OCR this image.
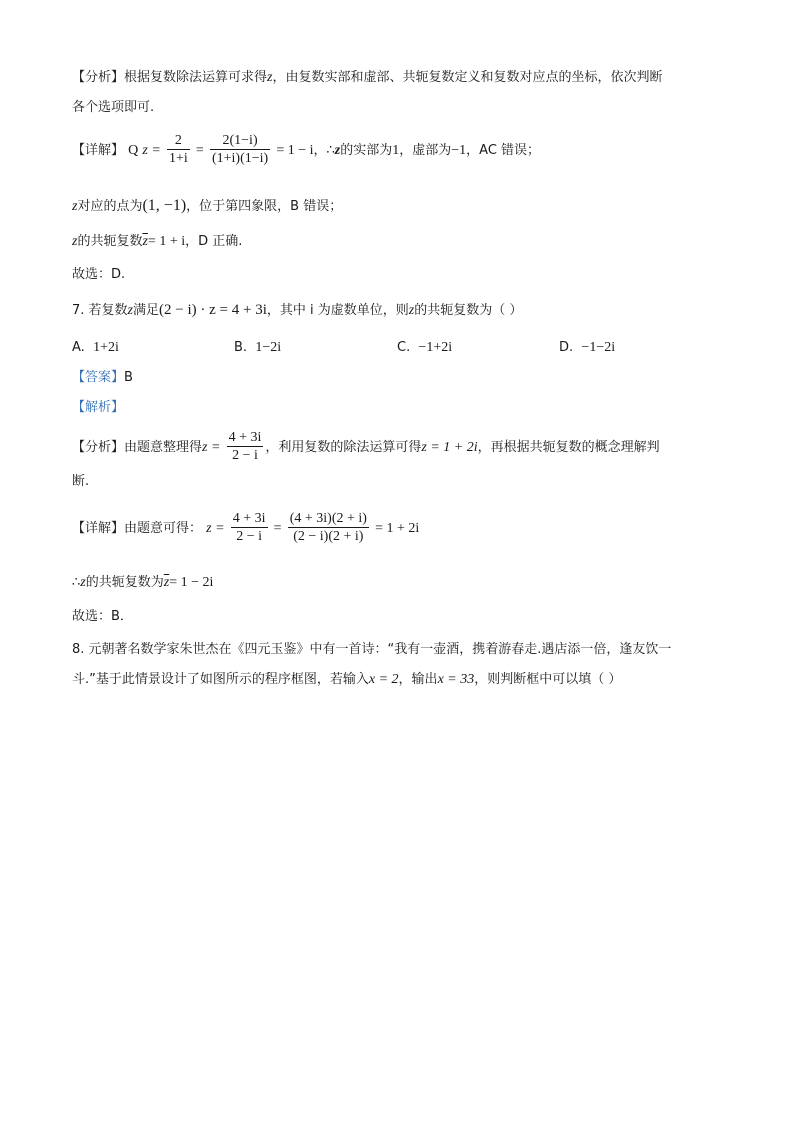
【分析】根据复数除法运算可求得z，由复数实部和虚部、共轭复数定义和复数对应点的坐标，依次判断
各个选项即可.
【详解】 Q $z = \frac{2}{1+i} = \frac{2(1-i)}{(1+i)(1-i)} = 1 - i$，∴z的实部为1，虚部为−1，AC 错误；
z对应的点为(1, −1)，位于第四象限，B 错误；
z的共轭复数$\overline{z}= 1 + i$，D 正确.
故选：D.
7. 若复数z满足(2 − i) · z = 4 + 3i，其中 i 为虚数单位，则z的共轭复数为（ ）
A. 1+2i	B. 1−2i	C. −1+2i	D. −1−2i
【答案】B
【解析】
【分析】由题意整理得$z = \frac{4 + 3i}{2 - i}$ ，利用复数的除法运算可得z = 1 + 2i，再根据共轭复数的概念理解判
断.
【详解】由题意可得： $z = \frac{4 + 3i}{2 - i} = \frac{(4 + 3i)(2 + i)}{(2 - i)(2 + i)} = 1 + 2i$
∴z的共轭复数为$\overline{z}= 1 - 2i$
故选：B．
8. 元朝著名数学家朱世杰在《四元玉鉴》中有一首诗：“我有一壶酒，携着游春走.遇店添一倍，逢友饮一
斗.”基于此情景设计了如图所示的程序框图，若输入x = 2，输出x = 33，则判断框中可以填（ ）
